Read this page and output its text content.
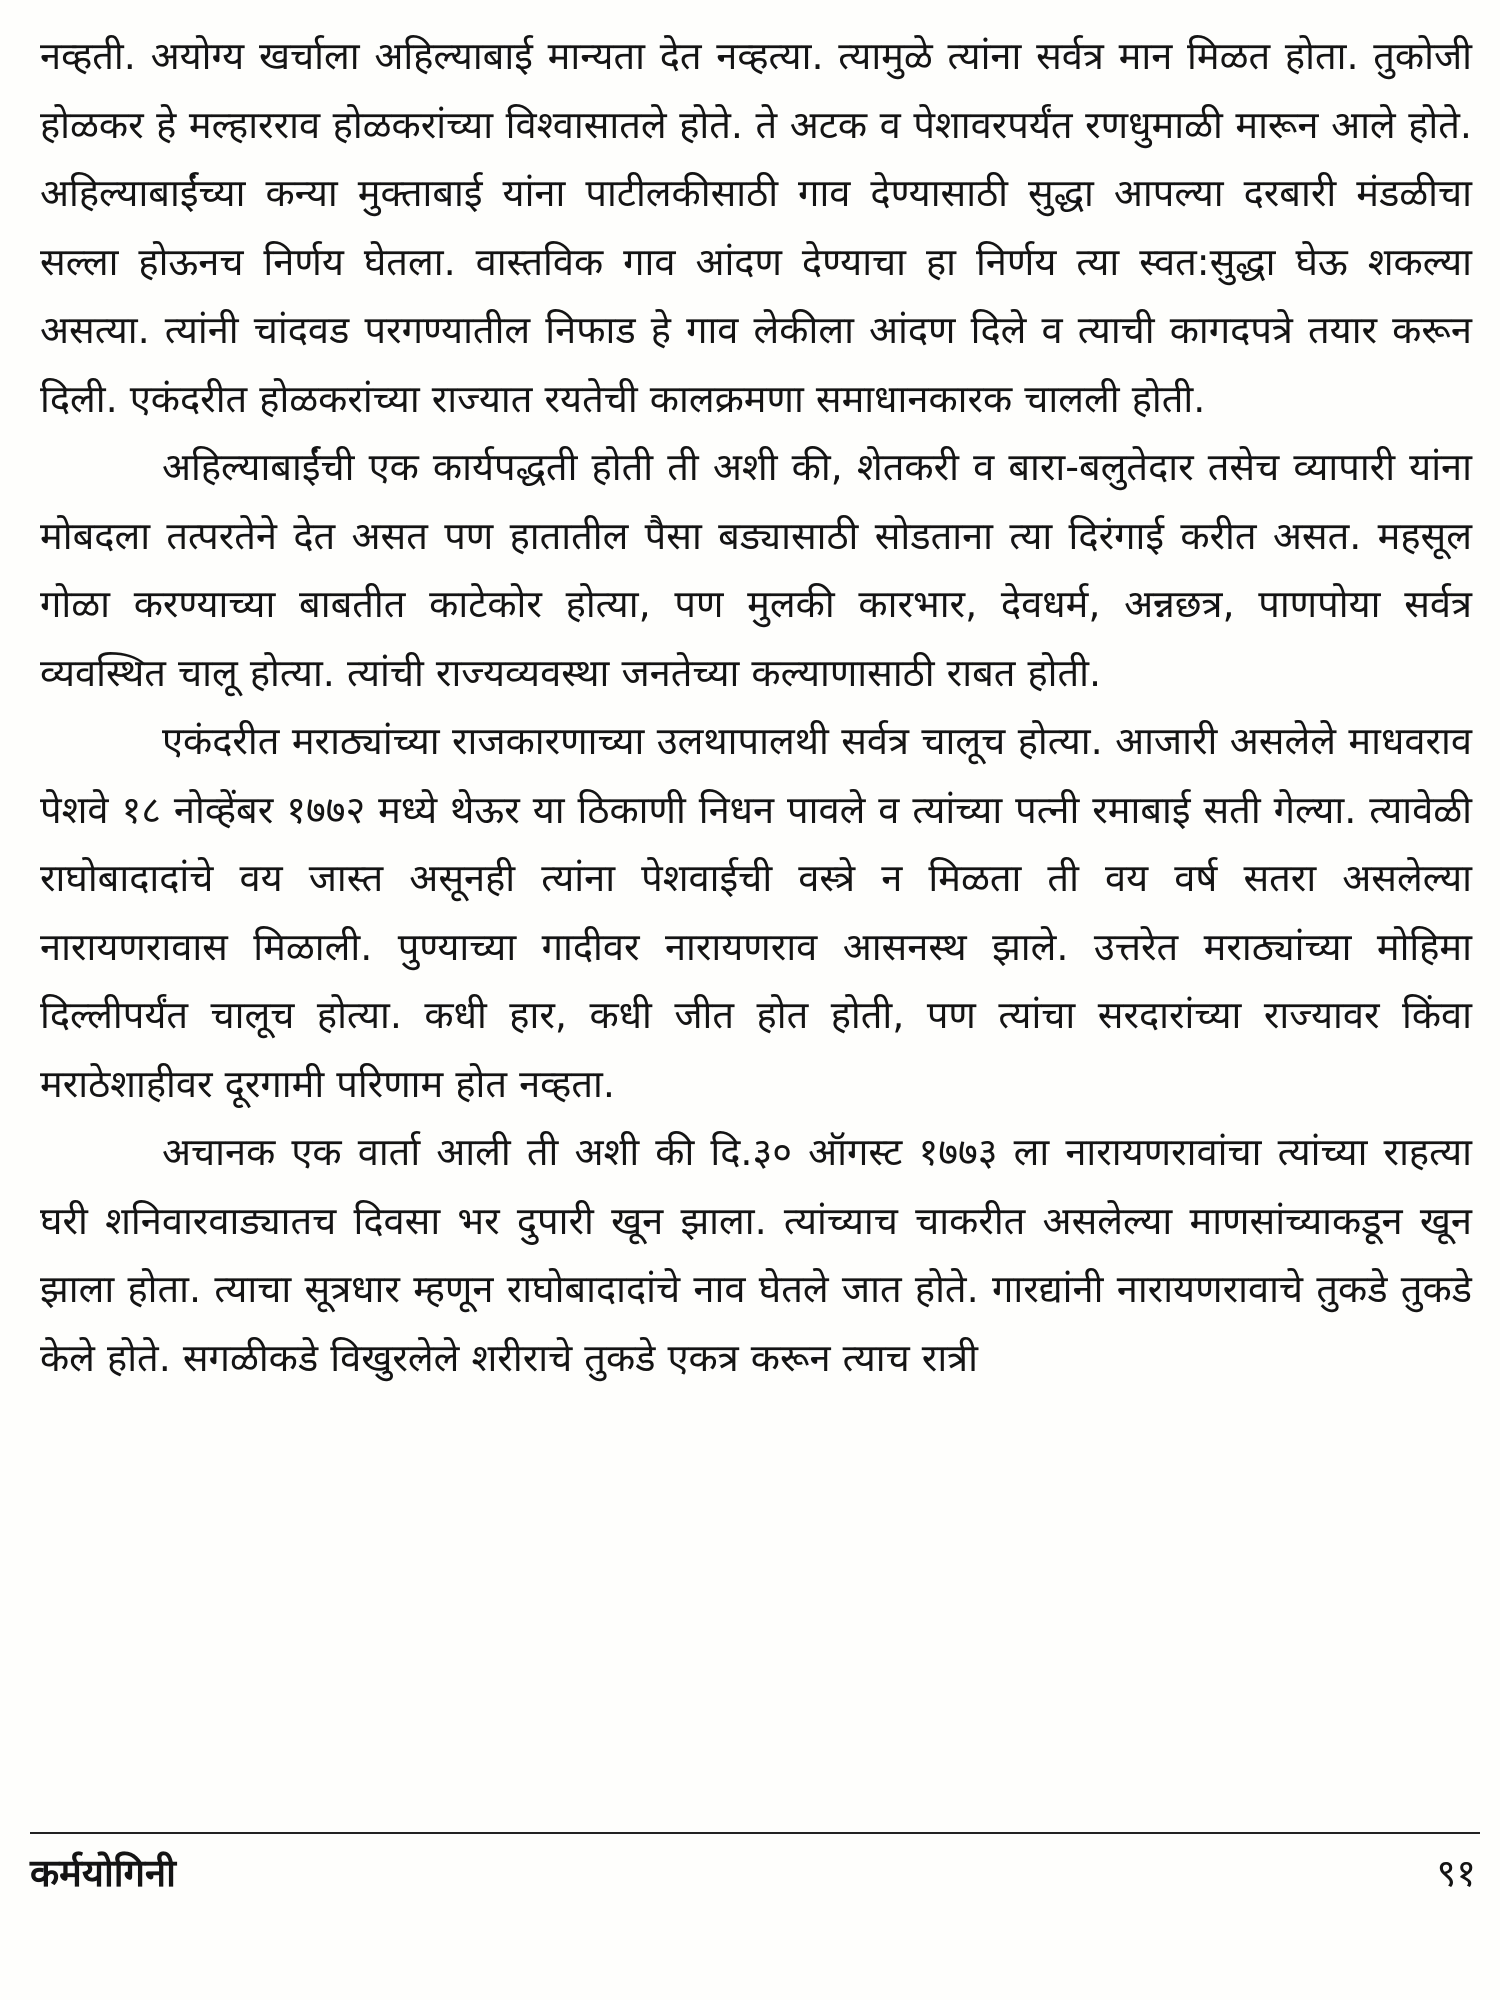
नव्हती. अयोग्य खर्चाला अहिल्याबाई मान्यता देत नव्हत्या. त्यामुळे त्यांना सर्वत्र मान मिळत होता. तुकोजी होळकर हे मल्हारराव होळकरांच्या विश्वासातले होते. ते अटक व पेशावरपर्यंत रणधुमाळी मारून आले होते. अहिल्याबाईंच्या कन्या मुक्ताबाई यांना पाटीलकीसाठी गाव देण्यासाठी सुद्धा आपल्या दरबारी मंडळीचा सल्ला होऊनच निर्णय घेतला. वास्तविक गाव आंदण देण्याचा हा निर्णय त्या स्वत:सुद्धा घेऊ शकल्या असत्या. त्यांनी चांदवड परगण्यातील निफाड हे गाव लेकीला आंदण दिले व त्याची कागदपत्रे तयार करून दिली. एकंदरीत होळकरांच्या राज्यात रयतेची कालक्रमणा समाधानकारक चालली होती.

अहिल्याबाईंची एक कार्यपद्धती होती ती अशी की, शेतकरी व बारा-बलुतेदार तसेच व्यापारी यांना मोबदला तत्परतेने देत असत पण हातातील पैसा बड्यासाठी सोडताना त्या दिरंगाई करीत असत. महसूल गोळा करण्याच्या बाबतीत काटेकोर होत्या, पण मुलकी कारभार, देवधर्म, अन्नछत्र, पाणपोया सर्वत्र व्यवस्थित चालू होत्या. त्यांची राज्यव्यवस्था जनतेच्या कल्याणासाठी राबत होती.

एकंदरीत मराठ्यांच्या राजकारणाच्या उलथापालथी सर्वत्र चालूच होत्या. आजारी असलेले माधवराव पेशवे १८ नोव्हेंबर १७७२ मध्ये थेऊर या ठिकाणी निधन पावले व त्यांच्या पत्नी रमाबाई सती गेल्या. त्यावेळी राघोबादादांचे वय जास्त असूनही त्यांना पेशवाईची वस्त्रे न मिळता ती वय वर्ष सतरा असलेल्या नारायणरावास मिळाली. पुण्याच्या गादीवर नारायणराव आसनस्थ झाले. उत्तरेत मराठ्यांच्या मोहिमा दिल्लीपर्यंत चालूच होत्या. कधी हार, कधी जीत होत होती, पण त्यांचा सरदारांच्या राज्यावर किंवा मराठेशाहीवर दूरगामी परिणाम होत नव्हता.

अचानक एक वार्ता आली ती अशी की दि.३० ऑगस्ट १७७३ ला नारायणरावांचा त्यांच्या राहत्या घरी शनिवारवाड्यातच दिवसा भर दुपारी खून झाला. त्यांच्याच चाकरीत असलेल्या माणसांच्याकडून खून झाला होता. त्याचा सूत्रधार म्हणून राघोबादादांचे नाव घेतले जात होते. गारद्यांनी नारायणरावाचे तुकडे तुकडे केले होते. सगळीकडे विखुरलेले शरीराचे तुकडे एकत्र करून त्याच रात्री

कर्मयोगिनी	९१
